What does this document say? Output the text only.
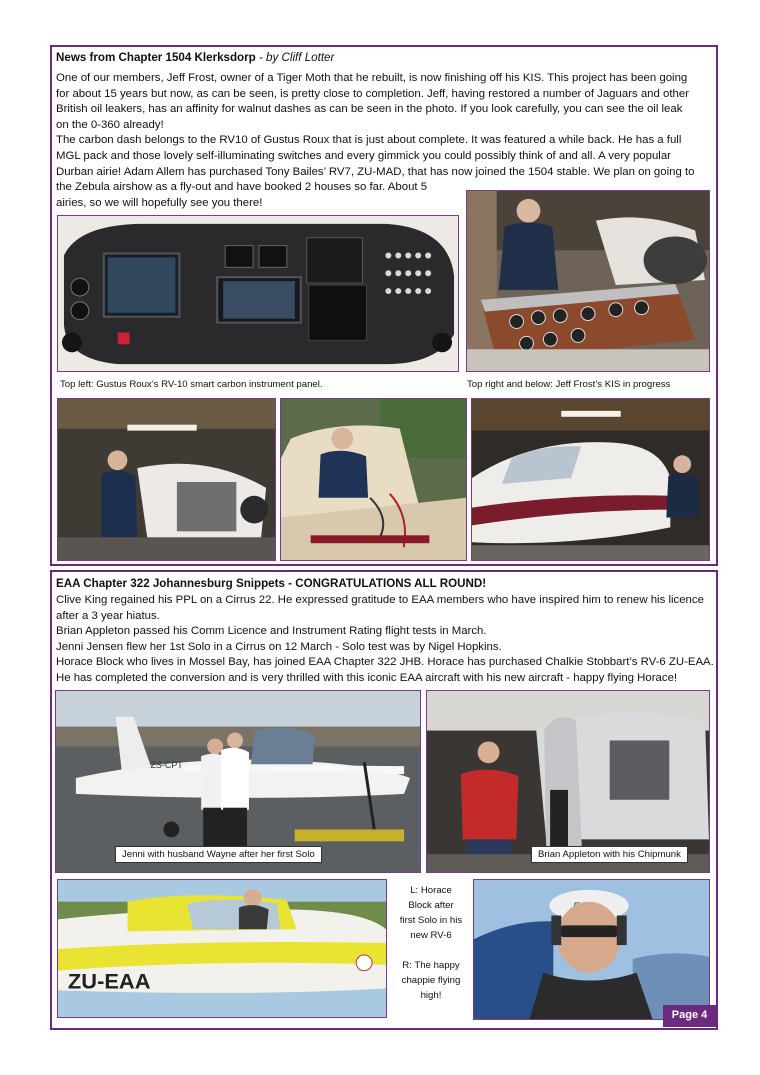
News from Chapter 1504 Klerksdorp - by Cliff Lotter
One of our members, Jeff Frost, owner of a Tiger Moth that he rebuilt, is now finishing off his KIS. This project has been going
for about 15 years but now, as can be seen, is pretty close to completion. Jeff, having restored a number of Jaguars and other
British oil leakers, has an affinity for walnut dashes as can be seen in the photo. If you look carefully, you can see the oil leak
on the 0-360 already!
The carbon dash belongs to the RV10 of Gustus Roux that is just about complete. It was featured a while back. He has a full
MGL pack and those lovely self-illuminating switches and every gimmick you could possibly think of and all. A very popular
Durban airie! Adam Allem has purchased Tony Bailes’ RV7, ZU-MAD, that has now joined the 1504 stable. We plan on going to
the Zebula airshow as a fly-out and have booked 2 houses so far. About 5
airies, so we will hopefully see you there!
Top left: Gustus Roux’s RV-10 smart carbon instrument panel.	Top right and below: Jeff Frost’s KIS in progress
EAA Chapter 322 Johannesburg Snippets - CONGRATULATIONS ALL ROUND!
Clive King regained his PPL on a Cirrus 22. He expressed gratitude to EAA members who have inspired him to renew his licence
after a 3 year hiatus.
Brian Appleton passed his Comm Licence and Instrument Rating flight tests in March.
Jenni Jensen flew her 1st Solo in a Cirrus on 12 March - Solo test was by Nigel Hopkins.
Horace Block who lives in Mossel Bay, has joined EAA Chapter 322 JHB. Horace has purchased Chalkie Stobbart’s RV-6 ZU-EAA.
He has completed the conversion and is very thrilled with this iconic EAA aircraft with his new aircraft - happy flying Horace!
ZS-CPT
Jenni with husband Wayne after her first Solo	Brian Appleton with his Chipmunk
ZU-EAA
L: Horace
Block after
first Solo in his
new RV-6
R: The happy
chappie flying
high!
Page 4
